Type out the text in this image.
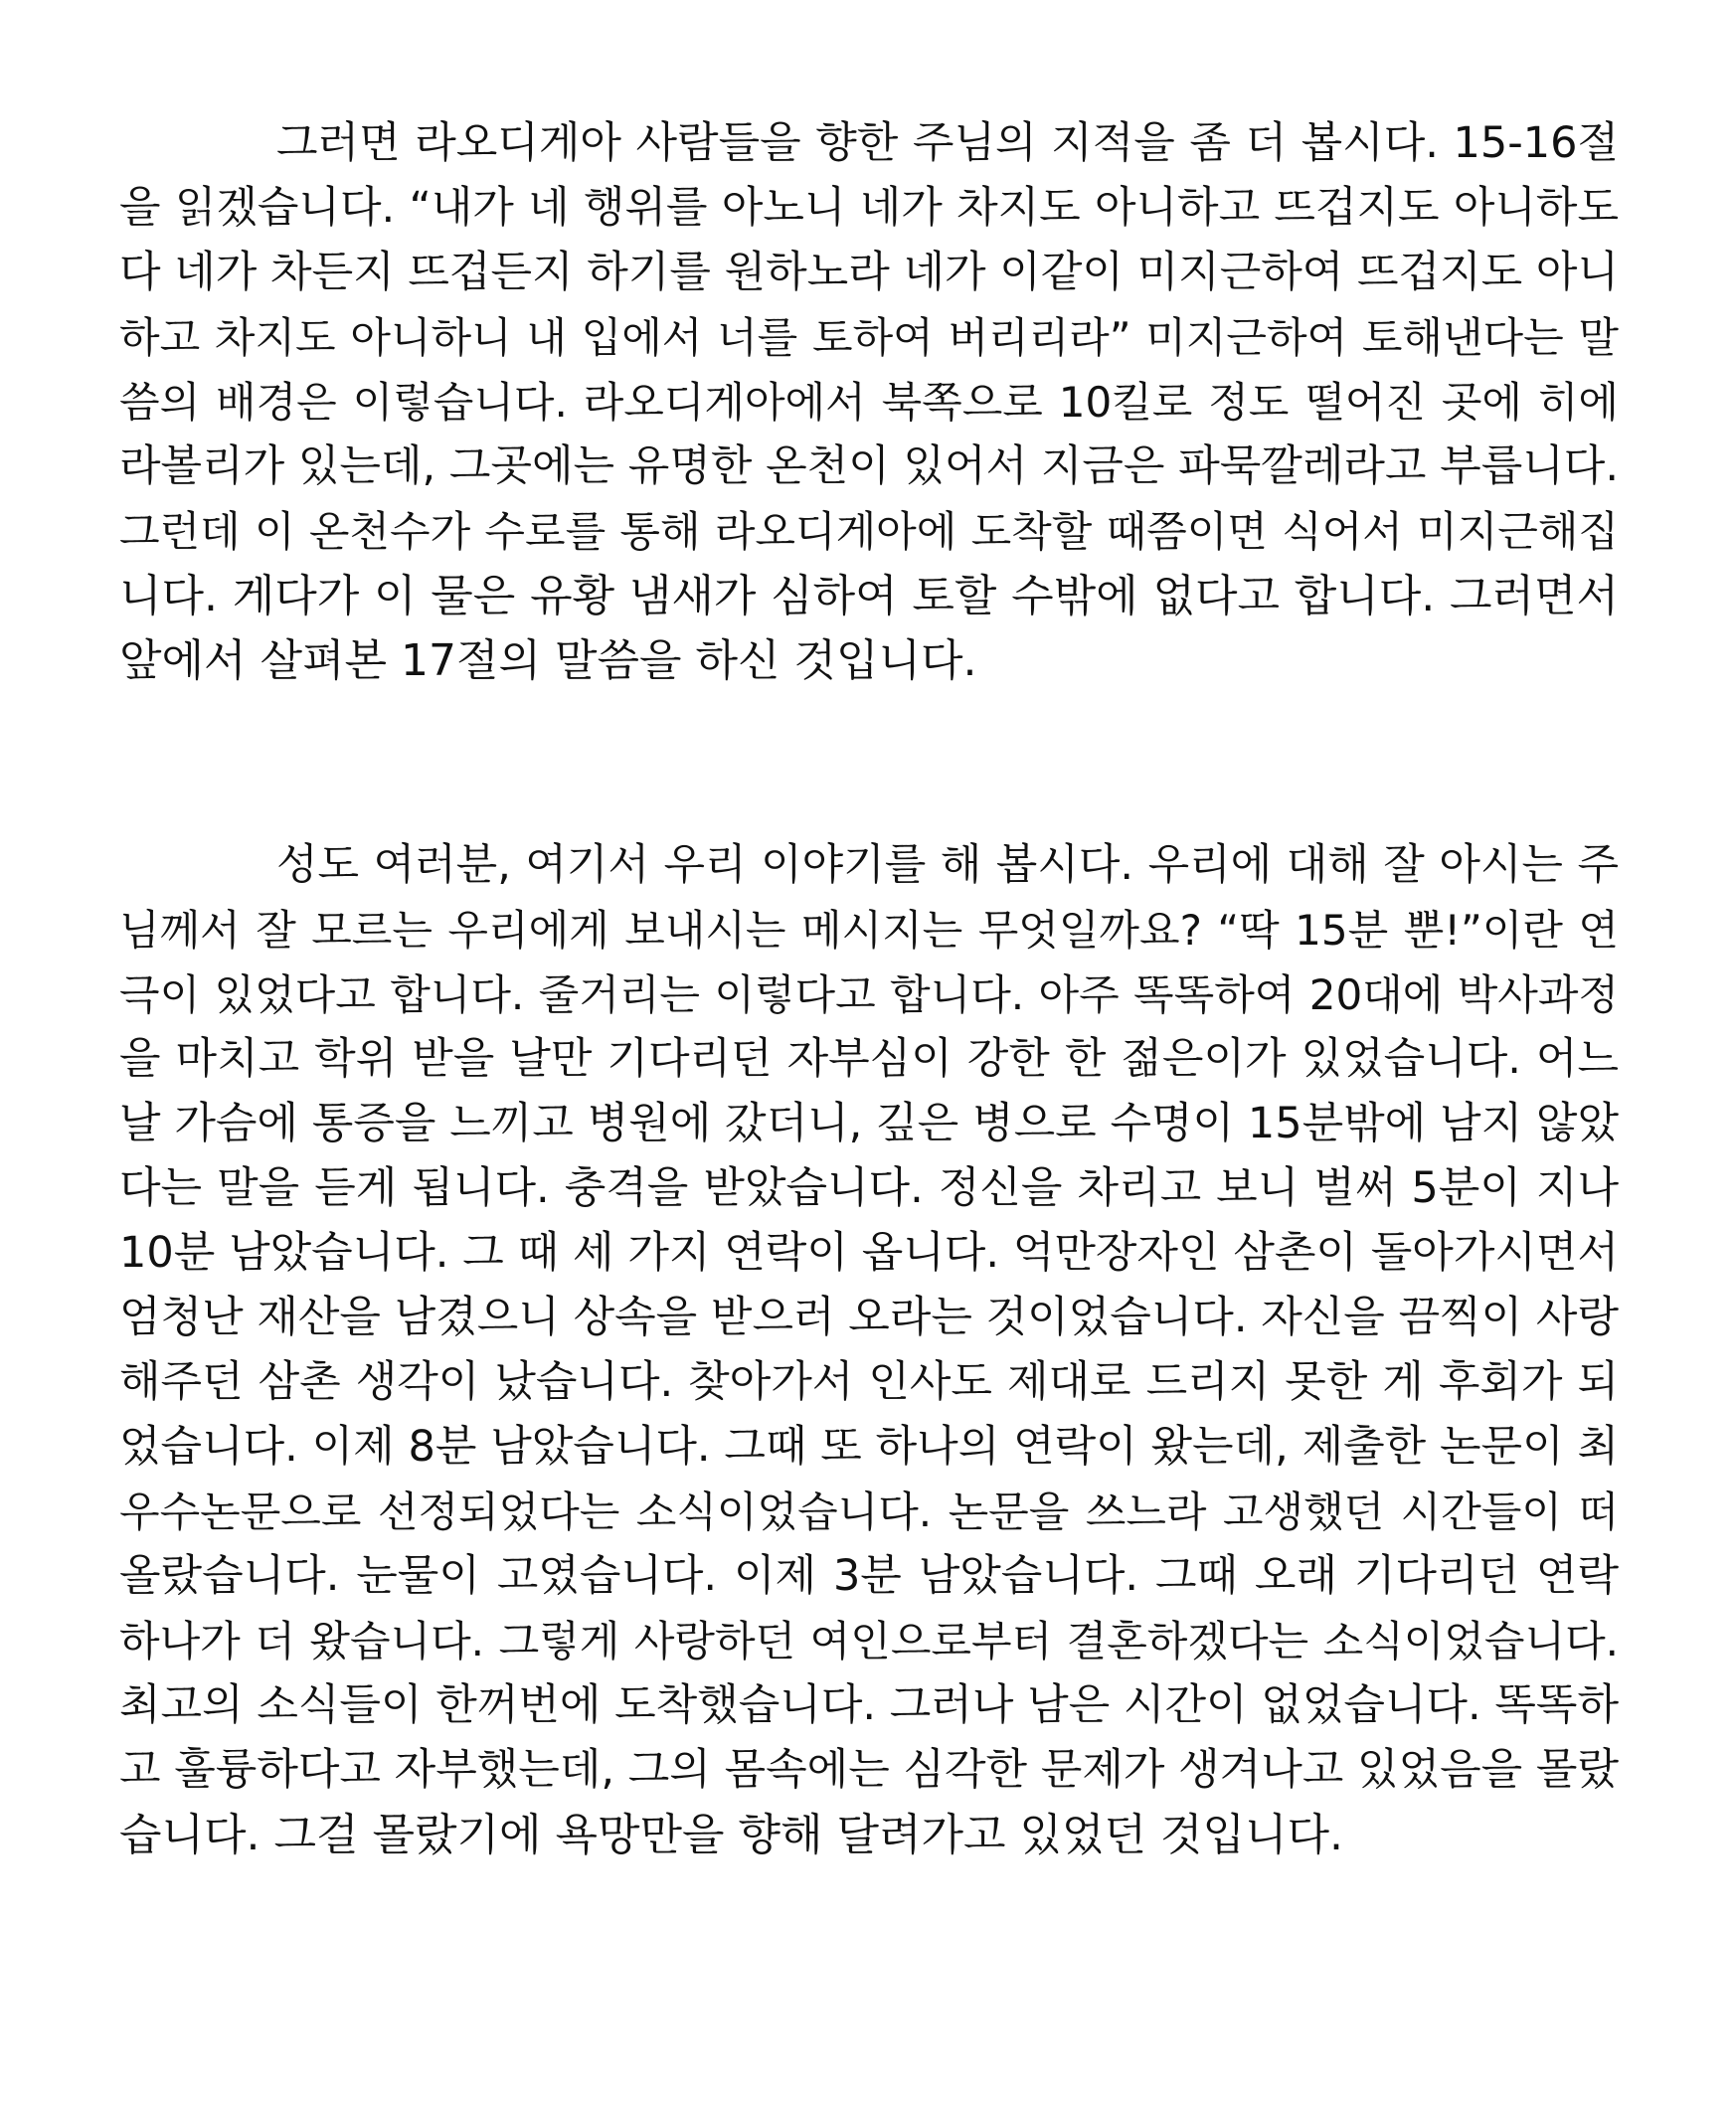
그러면 라오디게아 사람들을 향한 주님의 지적을 좀 더 봅시다. 15-16절
을 읽겠습니다. “내가 네 행위를 아노니 네가 차지도 아니하고 뜨겁지도 아니하도
다 네가 차든지 뜨겁든지 하기를 원하노라 네가 이같이 미지근하여 뜨겁지도 아니
하고 차지도 아니하니 내 입에서 너를 토하여 버리리라” 미지근하여 토해낸다는 말
씀의 배경은 이렇습니다. 라오디게아에서 북쪽으로 10킬로 정도 떨어진 곳에 히에
라볼리가 있는데, 그곳에는 유명한 온천이 있어서 지금은 파묵깔레라고 부릅니다.
그런데 이 온천수가 수로를 통해 라오디게아에 도착할 때쯤이면 식어서 미지근해집
니다. 게다가 이 물은 유황 냄새가 심하여 토할 수밖에 없다고 합니다. 그러면서
앞에서 살펴본 17절의 말씀을 하신 것입니다.
성도 여러분, 여기서 우리 이야기를 해 봅시다. 우리에 대해 잘 아시는 주
님께서 잘 모르는 우리에게 보내시는 메시지는 무엇일까요? “딱 15분 뿐!”이란 연
극이 있었다고 합니다. 줄거리는 이렇다고 합니다. 아주 똑똑하여 20대에 박사과정
을 마치고 학위 받을 날만 기다리던 자부심이 강한 한 젊은이가 있었습니다. 어느
날 가슴에 통증을 느끼고 병원에 갔더니, 깊은 병으로 수명이 15분밖에 남지 않았
다는 말을 듣게 됩니다. 충격을 받았습니다. 정신을 차리고 보니 벌써 5분이 지나
10분 남았습니다. 그 때 세 가지 연락이 옵니다. 억만장자인 삼촌이 돌아가시면서
엄청난 재산을 남겼으니 상속을 받으러 오라는 것이었습니다. 자신을 끔찍이 사랑
해주던 삼촌 생각이 났습니다. 찾아가서 인사도 제대로 드리지 못한 게 후회가 되
었습니다. 이제 8분 남았습니다. 그때 또 하나의 연락이 왔는데, 제출한 논문이 최
우수논문으로 선정되었다는 소식이었습니다. 논문을 쓰느라 고생했던 시간들이 떠
올랐습니다. 눈물이 고였습니다. 이제 3분 남았습니다. 그때 오래 기다리던 연락
하나가 더 왔습니다. 그렇게 사랑하던 여인으로부터 결혼하겠다는 소식이었습니다.
최고의 소식들이 한꺼번에 도착했습니다. 그러나 남은 시간이 없었습니다. 똑똑하
고 훌륭하다고 자부했는데, 그의 몸속에는 심각한 문제가 생겨나고 있었음을 몰랐
습니다. 그걸 몰랐기에 욕망만을 향해 달려가고 있었던 것입니다.
